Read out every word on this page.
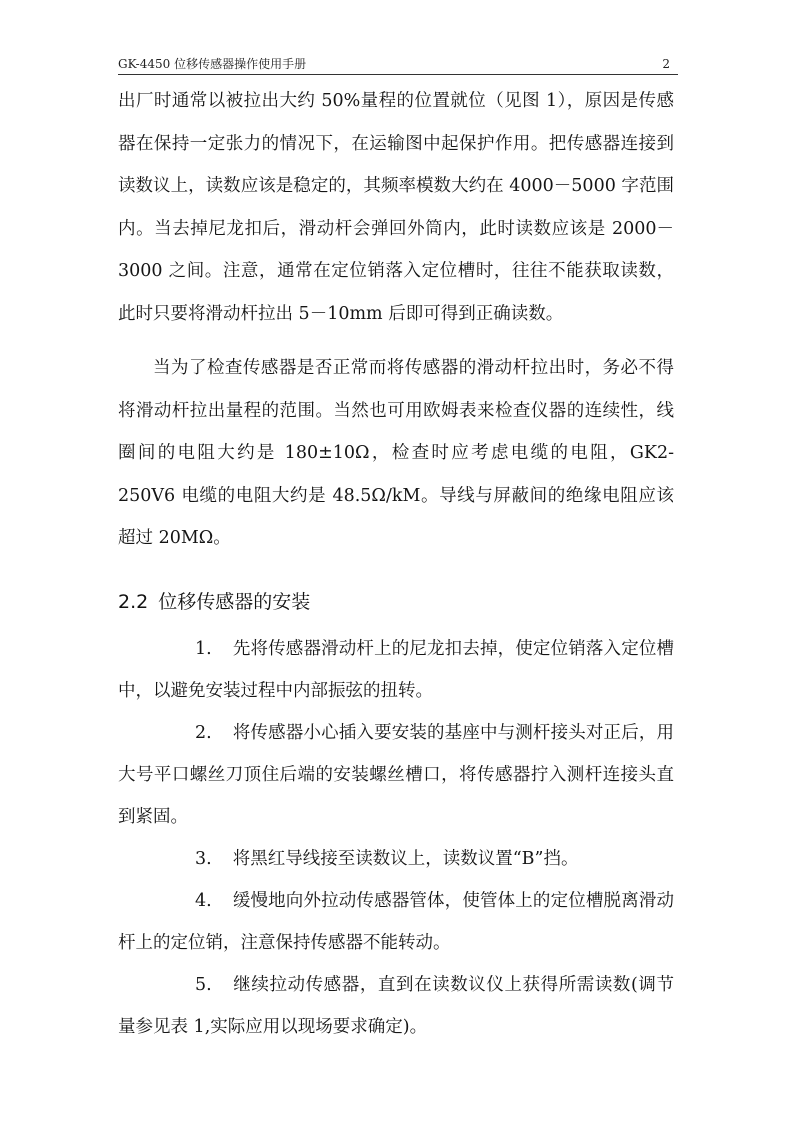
GK-4450 位移传感器操作使用手册	2

出厂时通常以被拉出大约 50%量程的位置就位（见图 1），原因是传感器在保持一定张力的情况下，在运输图中起保护作用。把传感器连接到读数议上，读数应该是稳定的，其频率模数大约在 4000－5000 字范围内。当去掉尼龙扣后，滑动杆会弹回外筒内，此时读数应该是 2000－3000 之间。注意，通常在定位销落入定位槽时，往往不能获取读数，此时只要将滑动杆拉出 5－10mm 后即可得到正确读数。

当为了检查传感器是否正常而将传感器的滑动杆拉出时，务必不得将滑动杆拉出量程的范围。当然也可用欧姆表来检查仪器的连续性，线圈间的电阻大约是 180±10Ω，检查时应考虑电缆的电阻，GK2-250V6 电缆的电阻大约是 48.5Ω/kM。导线与屏蔽间的绝缘电阻应该超过 20MΩ。

2.2 位移传感器的安装

1. 先将传感器滑动杆上的尼龙扣去掉，使定位销落入定位槽中，以避免安装过程中内部振弦的扭转。

2. 将传感器小心插入要安装的基座中与测杆接头对正后，用大号平口螺丝刀顶住后端的安装螺丝槽口，将传感器拧入测杆连接头直到紧固。

3. 将黑红导线接至读数议上，读数议置“B”挡。

4. 缓慢地向外拉动传感器管体，使管体上的定位槽脱离滑动杆上的定位销，注意保持传感器不能转动。

5. 继续拉动传感器，直到在读数议仪上获得所需读数(调节量参见表 1,实际应用以现场要求确定)。
